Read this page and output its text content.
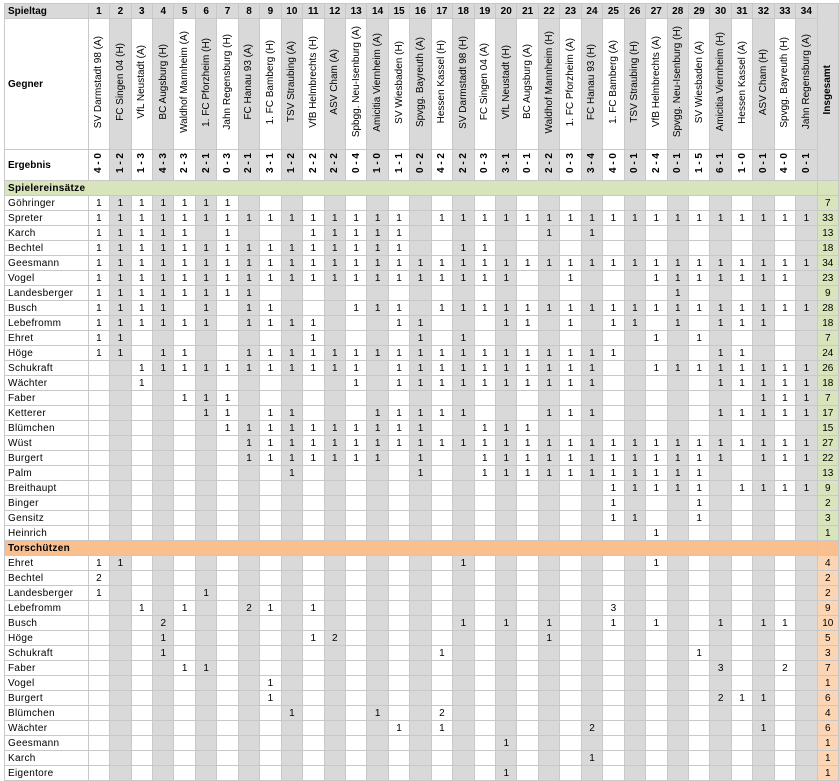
Spieltag	1	2	3	4	5	6	7	8	9	10	11	12	13	14	15	16	17	18	19	20	21	22	23	24	25	26	27	28	29	30	31	32	33	34	Insgesamt
Gegner	SV Darmstadt 98 (A)	FC Singen 04 (H)	VfL Neustadt (A)	BC Augsburg (H)	Waldhof Mannheim (A)	1. FC Pforzheim (H)	Jahn Regensburg (H)	FC Hanau 93 (A)	1. FC Bamberg (H)	TSV Straubing (A)	VfB Helmbrechts (H)	ASV Cham (A)	Spbgg. Neu-Isenburg (A)	Amicitia Viernheim (A)	SV Wiesbaden (H)	Spvgg. Bayreuth (A)	Hessen Kassel (H)	SV Darmstadt 98 (H)	FC Singen 04 (A)	VfL Neustadt (H)	BC Augsburg (A)	Waldhof Mannheim (H)	1. FC Pforzheim (A)	FC Hanau 93 (H)	1. FC Bamberg (A)	TSV Straubing (H)	VfB Helmbrechts (A)	Spvgg. Neu-Isenburg (H)	SV Wiesbaden (A)	Amicitia Viernheim (H)	Hessen Kassel (A)	ASV Cham (H)	Spvgg. Bayreuth (H)	Jahn Regensburg (A)	
Ergebnis	4 - 0	1 - 2	1 - 3	4 - 3	2 - 3	2 - 1	0 - 3	2 - 1	3 - 1	1 - 2	2 - 2	2 - 2	0 - 4	1 - 0	1 - 1	0 - 2	4 - 2	2 - 2	0 - 3	3 - 1	0 - 1	2 - 2	0 - 3	3 - 4	4 - 0	0 - 1	2 - 4	0 - 1	1 - 5	6 - 1	1 - 0	0 - 1	4 - 0	0 - 1	
Spielereinsätze																																			
Göhringer	1	1	1	1	1	1	1																												7
Spreter	1	1	1	1	1	1	1	1	1	1	1	1	1	1	1		1	1	1	1	1	1	1	1	1	1	1	1	1	1	1	1	1	1	33
Karch	1	1	1	1	1		1				1	1	1	1	1							1		1											13
Bechtel	1	1	1	1	1	1	1	1	1	1	1	1	1	1	1			1	1																18
Geesmann	1	1	1	1	1	1	1	1	1	1	1	1	1	1	1	1	1	1	1	1	1	1	1	1	1	1	1	1	1	1	1	1	1	1	34
Vogel	1	1	1	1	1	1	1	1	1	1	1	1	1	1	1	1	1	1	1	1			1				1	1	1	1	1	1	1		23
Landesberger	1	1	1	1	1	1	1	1																				1							9
Busch	1	1	1	1		1		1	1				1	1	1		1	1	1	1	1	1	1	1	1	1	1	1	1	1	1	1	1	1	28
Lebefromm	1	1	1	1	1	1		1	1	1	1				1	1				1	1		1		1	1		1		1	1	1			18
Ehret	1	1									1					1		1									1		1						7
Höge	1	1		1	1			1	1	1	1	1	1	1	1	1	1	1	1	1	1	1	1	1	1					1	1				24
Schukraft			1	1	1	1	1	1	1	1	1	1	1		1	1	1	1	1	1	1	1	1	1			1	1	1	1	1	1	1	1	26
Wächter			1										1		1	1	1	1	1	1	1	1	1	1						1	1	1	1	1	18
Faber					1	1	1																									1	1	1	7
Ketterer						1	1		1	1				1	1	1	1	1				1	1	1						1	1	1	1	1	17
Blümchen							1	1	1	1	1	1	1	1	1	1			1	1	1														15
Wüst								1	1	1	1	1	1	1	1	1	1	1	1	1	1	1	1	1	1	1	1	1	1	1	1	1	1	1	27
Burgert								1	1	1	1	1	1	1		1			1	1	1	1	1	1	1	1	1	1	1	1		1	1	1	22
Palm										1						1			1	1	1	1	1	1	1	1	1	1	1						13
Breithaupt																									1	1	1	1	1		1	1	1	1	9
Binger																									1				1						2
Gensitz																									1	1			1						3
Heinrich																											1								1
Torschützen																																			
Ehret	1	1																1									1								4
Bechtel	2																																		2
Landesberger	1					1																													2
Lebefromm			1		1			2	1		1														3										9
Busch				2														1		1		1			1		1			1		1	1		10
Höge				1							1	2										1													5
Schukraft				1													1												1						3
Faber					1	1																								3			2		7
Vogel									1																										1
Burgert									1																					2	1	1			6
Blümchen										1				1			2																		4
Wächter															1		1							2								1			6
Geesmann																				1															1
Karch																								1											1
Eigentore																				1															1
